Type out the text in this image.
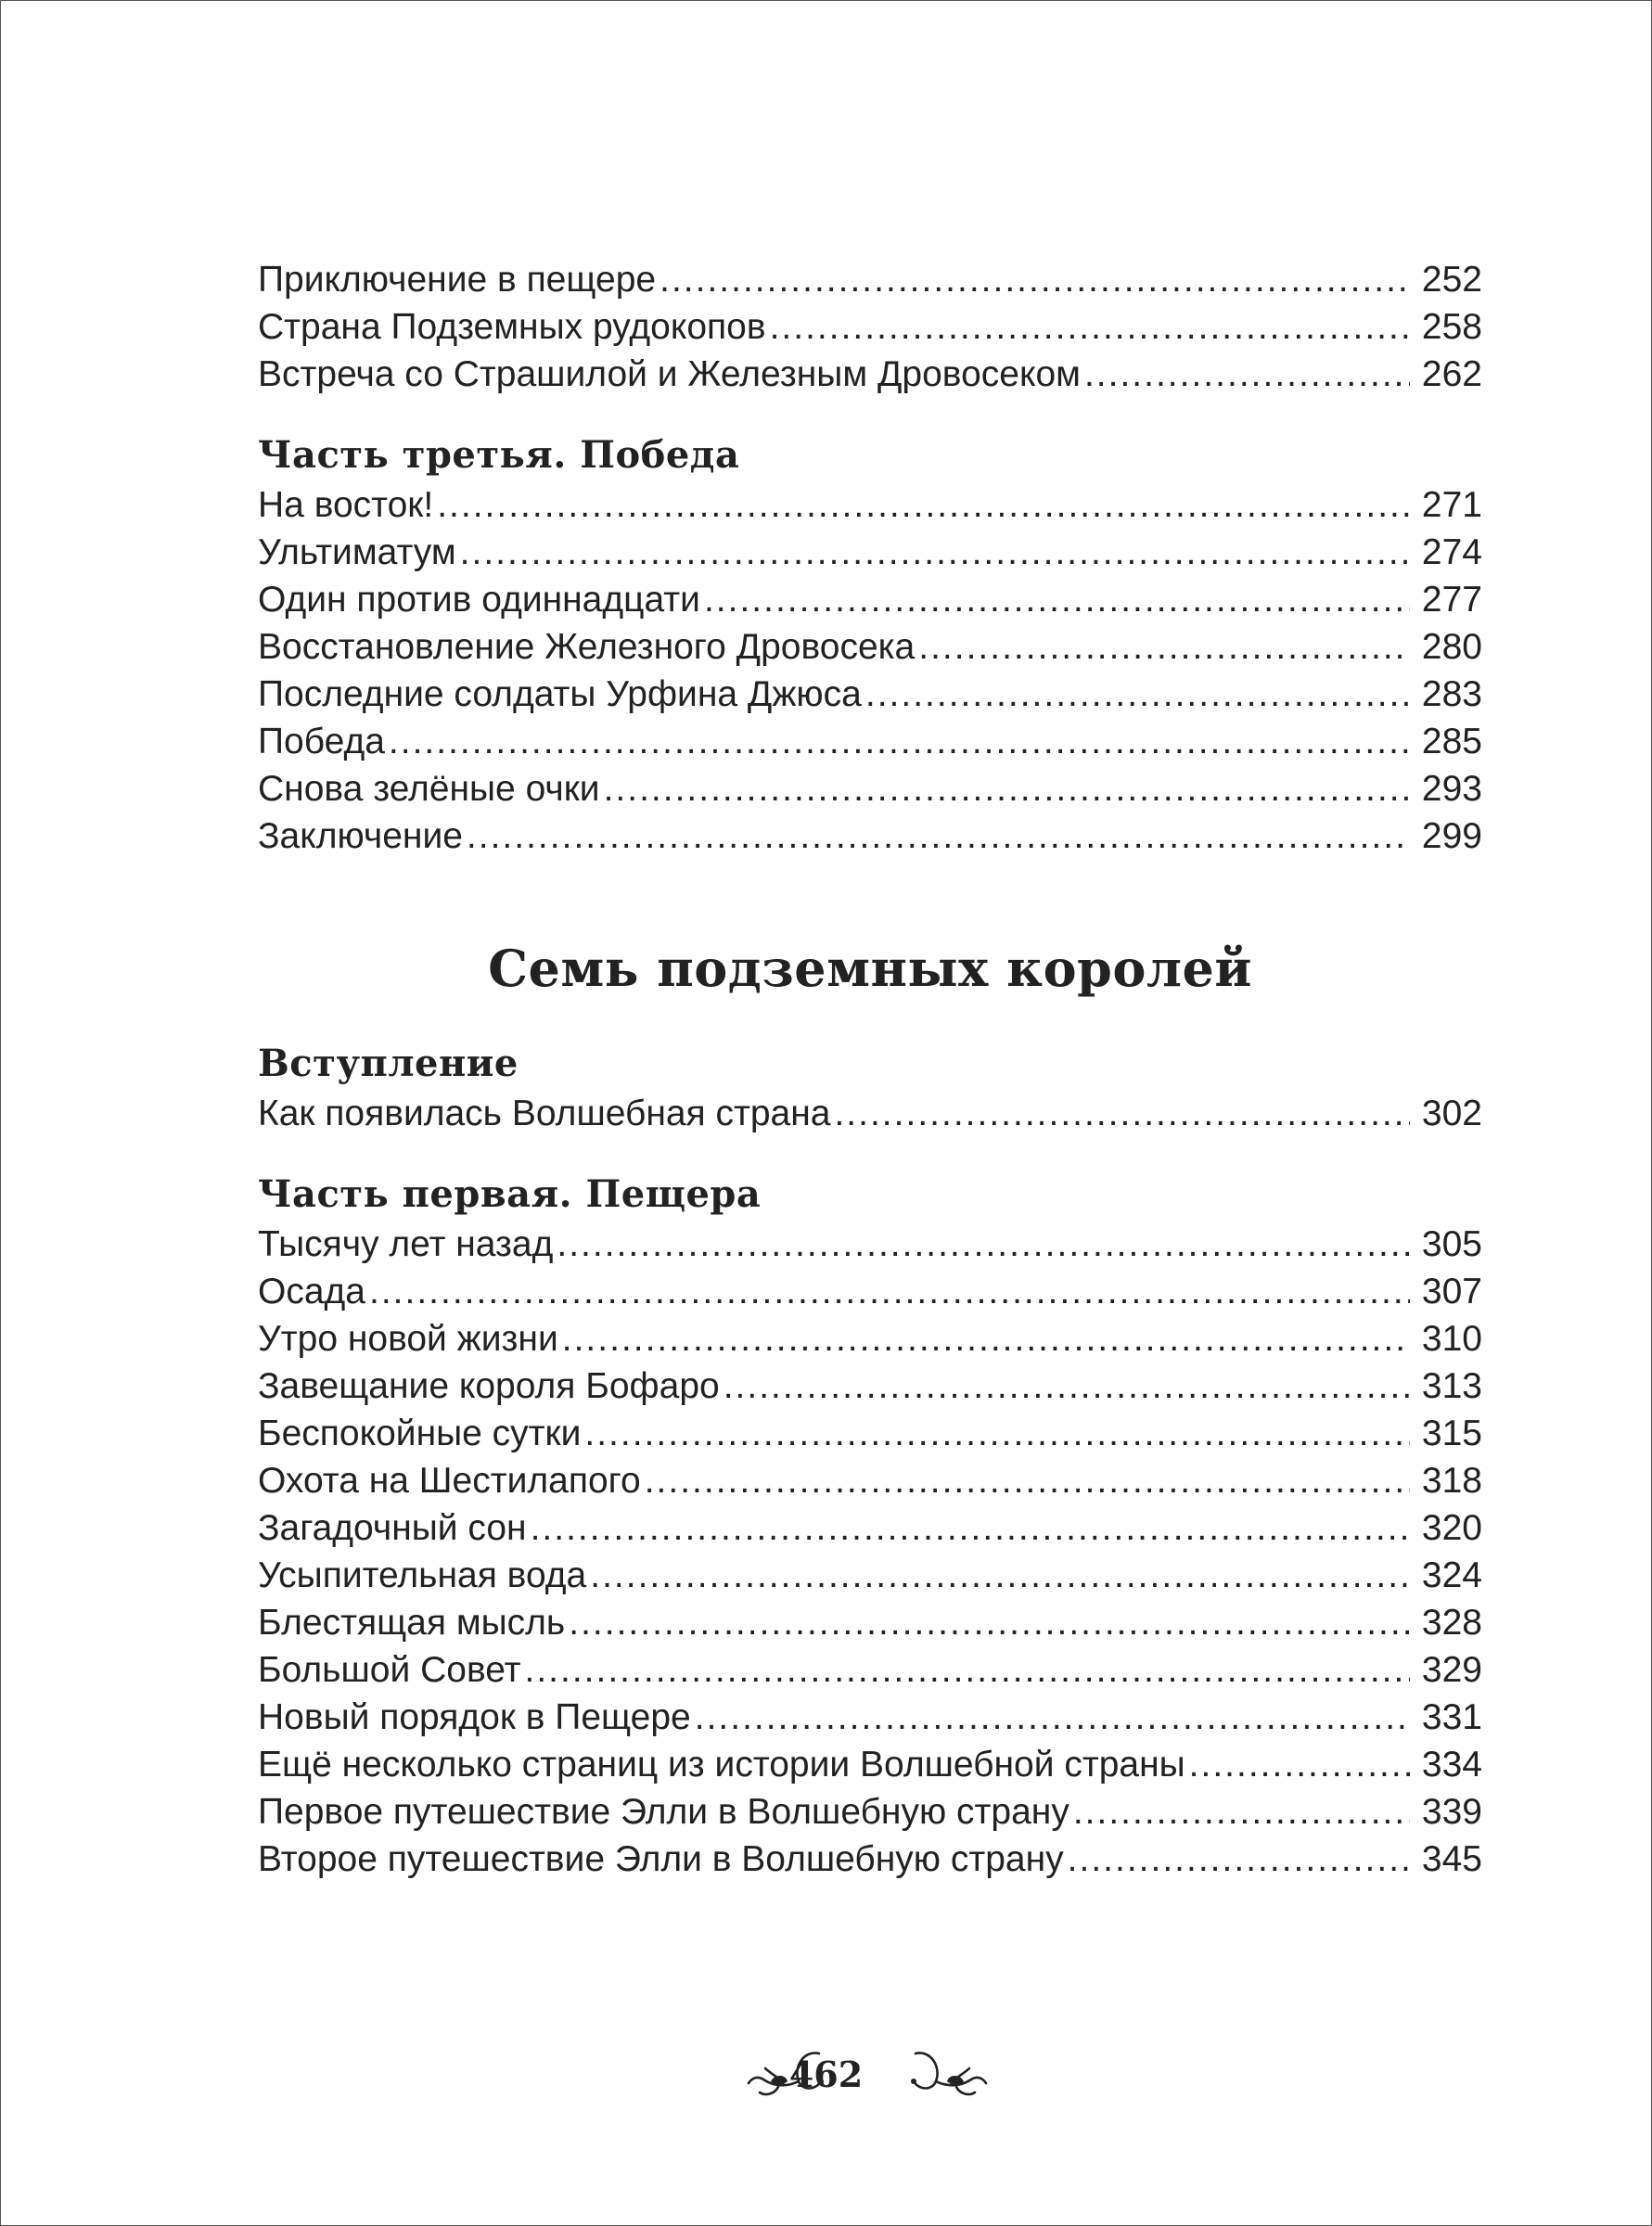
Приключение в пещере .....	252
Страна Подземных рудокопов .....	258
Встреча со Страшилой и Железным Дровосеком .....	262
Часть третья. Победа
На восток! .....	271
Ультиматум .....	274
Один против одиннадцати .....	277
Восстановление Железного Дровосека .....	280
Последние солдаты Урфина Джюса .....	283
Победа .....	285
Снова зелёные очки .....	293
Заключение .....	299
Семь подземных королей
Вступление
Как появилась Волшебная страна .....	302
Часть первая. Пещера
Тысячу лет назад .....	305
Осада .....	307
Утро новой жизни .....	310
Завещание короля Бофаро .....	313
Беспокойные сутки .....	315
Охота на Шестилапого .....	318
Загадочный сон .....	320
Усыпительная вода .....	324
Блестящая мысль .....	328
Большой Совет .....	329
Новый порядок в Пещере .....	331
Ещё несколько страниц из истории Волшебной страны .....	334
Первое путешествие Элли в Волшебную страну .....	339
Второе путешествие Элли в Волшебную страну .....	345
462
